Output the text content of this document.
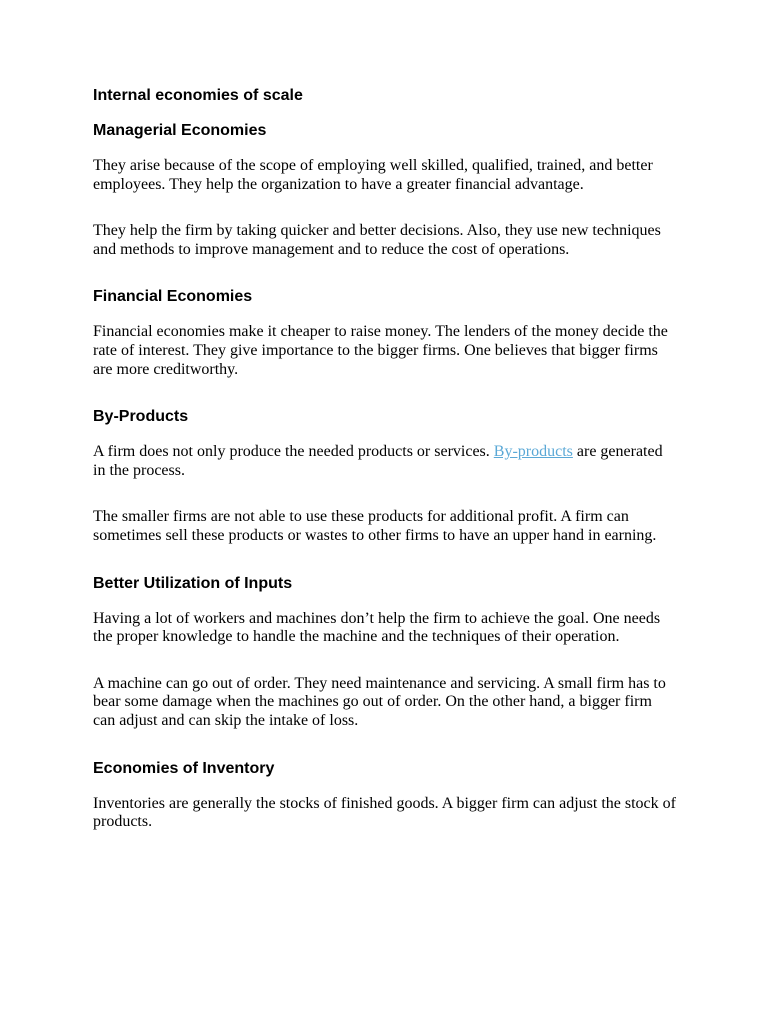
Internal economies of scale
Managerial Economies

They arise because of the scope of employing well skilled, qualified, trained, and better employees. They help the organization to have a greater financial advantage.

They help the firm by taking quicker and better decisions. Also, they use new techniques and methods to improve management and to reduce the cost of operations.

Financial Economies

Financial economies make it cheaper to raise money. The lenders of the money decide the rate of interest. They give importance to the bigger firms. One believes that bigger firms are more creditworthy.

By-Products

A firm does not only produce the needed products or services. By-products are generated in the process.

The smaller firms are not able to use these products for additional profit. A firm can sometimes sell these products or wastes to other firms to have an upper hand in earning.

Better Utilization of Inputs

Having a lot of workers and machines don’t help the firm to achieve the goal. One needs the proper knowledge to handle the machine and the techniques of their operation.

A machine can go out of order. They need maintenance and servicing. A small firm has to bear some damage when the machines go out of order. On the other hand, a bigger firm can adjust and can skip the intake of loss.

Economies of Inventory

Inventories are generally the stocks of finished goods. A bigger firm can adjust the stock of products.
